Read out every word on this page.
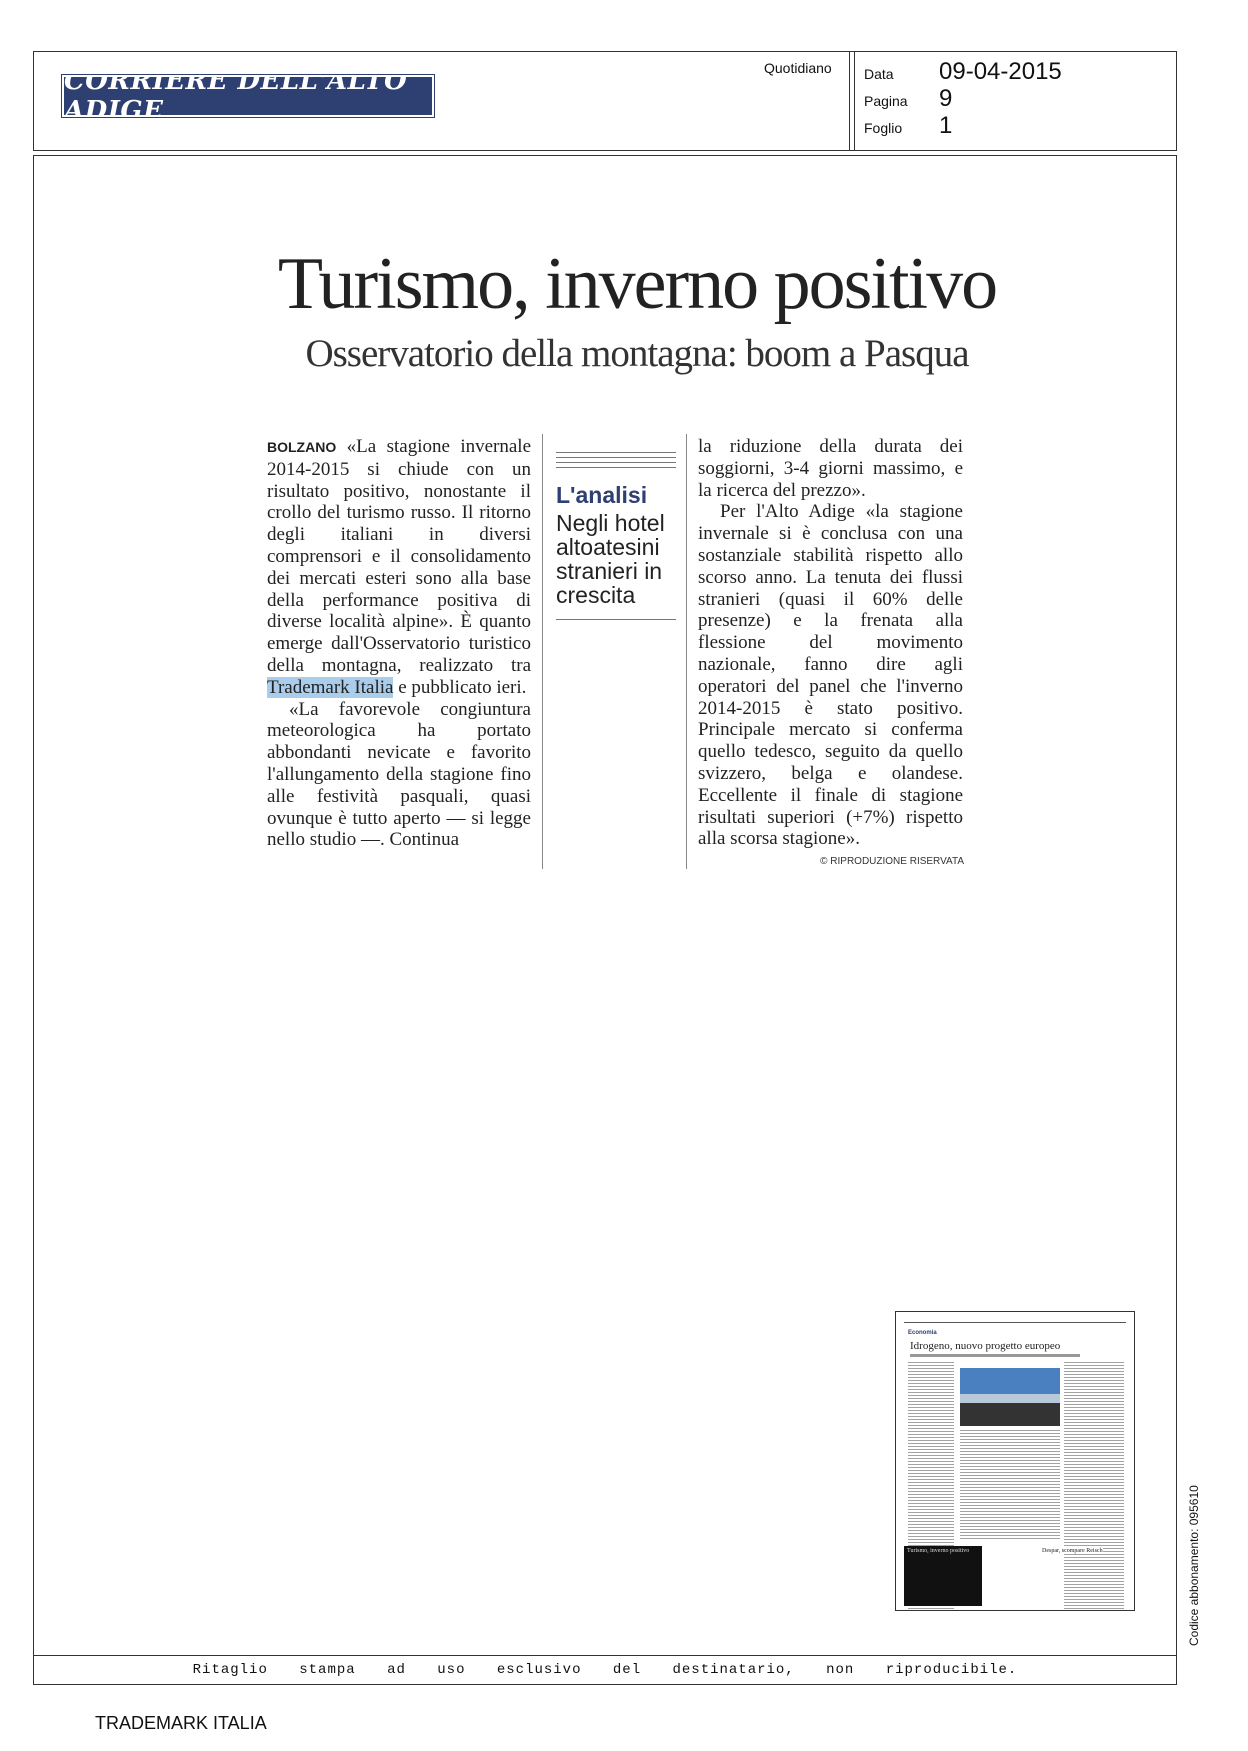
CORRIERE DELL'ALTO ADIGE
Quotidiano Data	09-04-2015
Pagina	9
Foglio	1
Turismo, inverno positivo
Osservatorio della montagna: boom a Pasqua

BOLZANO «La stagione invernale 2014-2015 si chiude con un risultato positivo, nonostante il crollo del turismo russo. Il ritorno degli italiani in diversi comprensori e il consolidamento dei mercati esteri sono alla base della performance positiva di diverse località alpine». È quanto emerge dall'Osservatorio turistico della montagna, realizzato tra Trademark Italia e pubblicato ieri.

«La favorevole congiuntura meteorologica ha portato abbondanti nevicate e favorito l'allungamento della stagione fino alle festività pasquali, quasi ovunque è tutto aperto — si legge nello studio —. Continua

L'analisi
Negli hotel altoatesini stranieri in crescita

la riduzione della durata dei soggiorni, 3-4 giorni massimo, e la ricerca del prezzo».

Per l'Alto Adige «la stagione invernale si è conclusa con una sostanziale stabilità rispetto allo scorso anno. La tenuta dei flussi stranieri (quasi il 60% delle presenze) e la frenata alla flessione del movimento nazionale, fanno dire agli operatori del panel che l'inverno 2014-2015 è stato positivo. Principale mercato si conferma quello tedesco, seguito da quello svizzero, belga e olandese. Eccellente il finale di stagione risultati superiori (+7%) rispetto alla scorsa stagione».

© RIPRODUZIONE RISERVATA
Economia
Idrogeno, nuovo progetto europeo
Turismo, inverno positivo	Despar, scompare Reisch	Codice abbonamento: 095610
Ritaglio stampa ad uso esclusivo del destinatario, non riproducibile.
TRADEMARK ITALIA
